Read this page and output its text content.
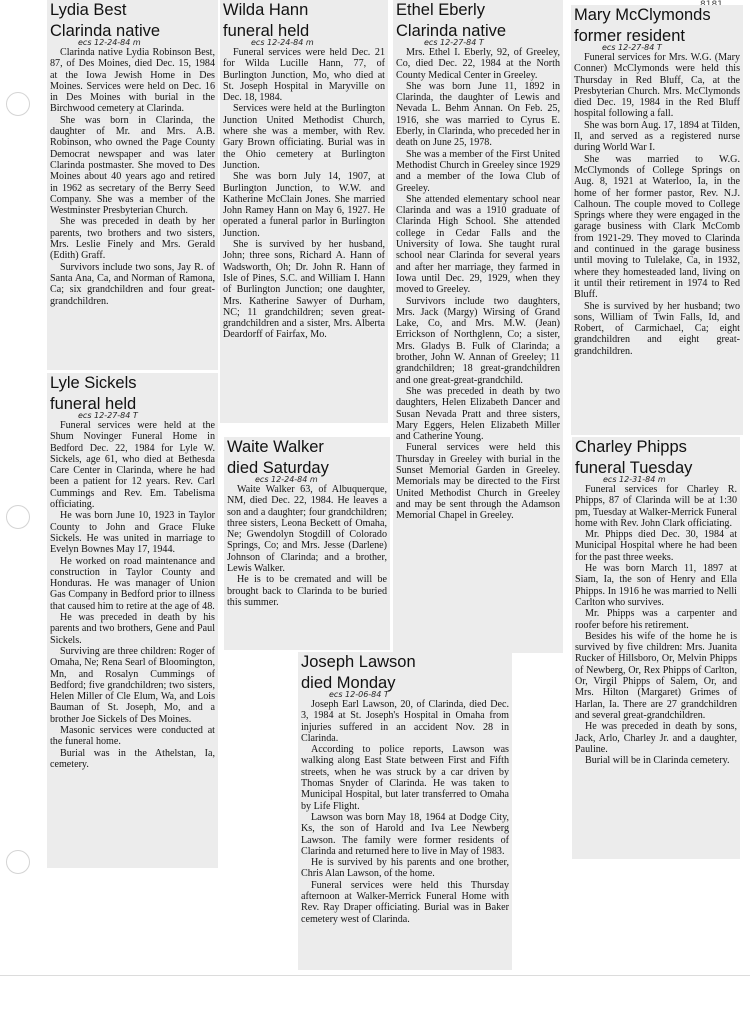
Lydia Best
Clarinda native
ecs 12-24-84 m

Clarinda native Lydia Robinson Best, 87, of Des Moines, died Dec. 15, 1984 at the Iowa Jewish Home in Des Moines. Services were held on Dec. 16 in Des Moines with burial in the Birchwood cemetery at Clarinda.

She was born in Clarinda, the daughter of Mr. and Mrs. A.B. Robinson, who owned the Page County Democrat newspaper and was later Clarinda postmaster. She moved to Des Moines about 40 years ago and retired in 1962 as secretary of the Berry Seed Company. She was a member of the Westminster Presbyterian Church.

She was preceded in death by her parents, two brothers and two sisters, Mrs. Leslie Finely and Mrs. Gerald (Edith) Graff.

Survivors include two sons, Jay R. of Santa Ana, Ca, and Norman of Ramona, Ca; six grandchildren and four great-grandchildren.

Wilda Hann
funeral held
ecs 12-24-84 m

Funeral services were held Dec. 21 for Wilda Lucille Hann, 77, of Burlington Junction, Mo, who died at St. Joseph Hospital in Maryville on Dec. 18, 1984.

Services were held at the Burlington Junction United Methodist Church, where she was a member, with Rev. Gary Brown officiating. Burial was in the Ohio cemetery at Burlington Junction.

She was born July 14, 1907, at Burlington Junction, to W.W. and Katherine McClain Jones. She married John Ramey Hann on May 6, 1927. He operated a funeral parlor in Burlington Junction.

She is survived by her husband, John; three sons, Richard A. Hann of Wadsworth, Oh; Dr. John R. Hann of Isle of Pines, S.C. and William I. Hann of Burlington Junction; one daughter, Mrs. Katherine Sawyer of Durham, NC; 11 grandchildren; seven great-grandchildren and a sister, Mrs. Alberta Deardorff of Fairfax, Mo.

Ethel Eberly
Clarinda native
ecs 12-27-84 T

Mrs. Ethel I. Eberly, 92, of Greeley, Co, died Dec. 22, 1984 at the North County Medical Center in Greeley.

She was born June 11, 1892 in Clarinda, the daughter of Lewis and Nevada L. Behm Annan. On Feb. 25, 1916, she was married to Cyrus E. Eberly, in Clarinda, who preceded her in death on June 25, 1978.

She was a member of the First United Methodist Church in Greeley since 1929 and a member of the Iowa Club of Greeley.

She attended elementary school near Clarinda and was a 1910 graduate of Clarinda High School. She attended college in Cedar Falls and the University of Iowa. She taught rural school near Clarinda for several years and after her marriage, they farmed in Iowa until Dec. 29, 1929, when they moved to Greeley.

Survivors include two daughters, Mrs. Jack (Margy) Wirsing of Grand Lake, Co, and Mrs. M.W. (Jean) Errickson of Northglenn, Co; a sister, Mrs. Gladys B. Fulk of Clarinda; a brother, John W. Annan of Greeley; 11 grandchildren; 18 great-grandchildren and one great-great-grandchild.

She was preceded in death by two daughters, Helen Elizabeth Dancer and Susan Nevada Pratt and three sisters, Mary Eggers, Helen Elizabeth Miller and Catherine Young.

Funeral services were held this Thursday in Greeley with burial in the Sunset Memorial Garden in Greeley. Memorials may be directed to the First United Methodist Church in Greeley and may be sent through the Adamson Memorial Chapel in Greeley.

Mary McClymonds
former resident
ecs 12-27-84 T

Funeral services for Mrs. W.G. (Mary Conner) McClymonds were held this Thursday in Red Bluff, Ca, at the Presbyterian Church. Mrs. McClymonds died Dec. 19, 1984 in the Red Bluff hospital following a fall.

She was born Aug. 17, 1894 at Tilden, Il, and served as a registered nurse during World War I.

She was married to W.G. McClymonds of College Springs on Aug. 8, 1921 at Waterloo, Ia, in the home of her former pastor, Rev. N.J. Calhoun. The couple moved to College Springs where they were engaged in the garage business with Clark McComb from 1921-29. They moved to Clarinda and continued in the garage business until moving to Tulelake, Ca, in 1932, where they homesteaded land, living on it until their retirement in 1974 to Red Bluff.

She is survived by her husband; two sons, William of Twin Falls, Id, and Robert, of Carmichael, Ca; eight grandchildren and eight great-grandchildren.

Lyle Sickels
funeral held
ecs 12-27-84 T

Funeral services were held at the Shum Novinger Funeral Home in Bedford Dec. 22, 1984 for Lyle W. Sickels, age 61, who died at Bethesda Care Center in Clarinda, where he had been a patient for 12 years. Rev. Carl Cummings and Rev. Em. Tabelisma officiating.

He was born June 10, 1923 in Taylor County to John and Grace Fluke Sickels. He was united in marriage to Evelyn Bownes May 17, 1944.

He worked on road maintenance and construction in Taylor County and Honduras. He was manager of Union Gas Company in Bedford prior to illness that caused him to retire at the age of 48.

He was preceded in death by his parents and two brothers, Gene and Paul Sickels.

Surviving are three children: Roger of Omaha, Ne; Rena Searl of Bloomington, Mn, and Rosalyn Cummings of Bedford; five grandchildren; two sisters, Helen Miller of Cle Elum, Wa, and Lois Bauman of St. Joseph, Mo, and a brother Joe Sickels of Des Moines.

Masonic services were conducted at the funeral home.

Burial was in the Athelstan, Ia, cemetery.

Waite Walker
died Saturday
ecs 12-24-84 m

Waite Walker 63, of Albuquerque, NM, died Dec. 22, 1984. He leaves a son and a daughter; four grandchildren; three sisters, Leona Beckett of Omaha, Ne; Gwendolyn Stogdill of Colorado Springs, Co; and Mrs. Jesse (Darlene) Johnson of Clarinda; and a brother, Lewis Walker.

He is to be cremated and will be brought back to Clarinda to be buried this summer.

Charley Phipps
funeral Tuesday
ecs 12-31-84 m

Funeral services for Charley R. Phipps, 87 of Clarinda will be at 1:30 pm, Tuesday at Walker-Merrick Funeral home with Rev. John Clark officiating.

Mr. Phipps died Dec. 30, 1984 at Municipal Hospital where he had been for the past three weeks.

He was born March 11, 1897 at Siam, Ia, the son of Henry and Ella Phipps. In 1916 he was married to Nelli Carlton who survives.

Mr. Phipps was a carpenter and roofer before his retirement.

Besides his wife of the home he is survived by five children: Mrs. Juanita Rucker of Hillsboro, Or, Melvin Phipps of Newberg, Or, Rex Phipps of Carlton, Or, Virgil Phipps of Salem, Or, and Mrs. Hilton (Margaret) Grimes of Harlan, Ia. There are 27 grandchildren and several great-grandchildren.

He was preceded in death by sons, Jack, Arlo, Charley Jr. and a daughter, Pauline.

Burial will be in Clarinda cemetery.

Joseph Lawson
died Monday
ecs 12-06-84 T

Joseph Earl Lawson, 20, of Clarinda, died Dec. 3, 1984 at St. Joseph's Hospital in Omaha from injuries suffered in an accident Nov. 28 in Clarinda.

According to police reports, Lawson was walking along East State between First and Fifth streets, when he was struck by a car driven by Thomas Snyder of Clarinda. He was taken to Municipal Hospital, but later transferred to Omaha by Life Flight.

Lawson was born May 18, 1964 at Dodge City, Ks, the son of Harold and Iva Lee Newberg Lawson. The family were former residents of Clarinda and returned here to live in May of 1983.

He is survived by his parents and one brother, Chris Alan Lawson, of the home.

Funeral services were held this Thursday afternoon at Walker-Merrick Funeral Home with Rev. Ray Draper officiating. Burial was in Baker cemetery west of Clarinda.
